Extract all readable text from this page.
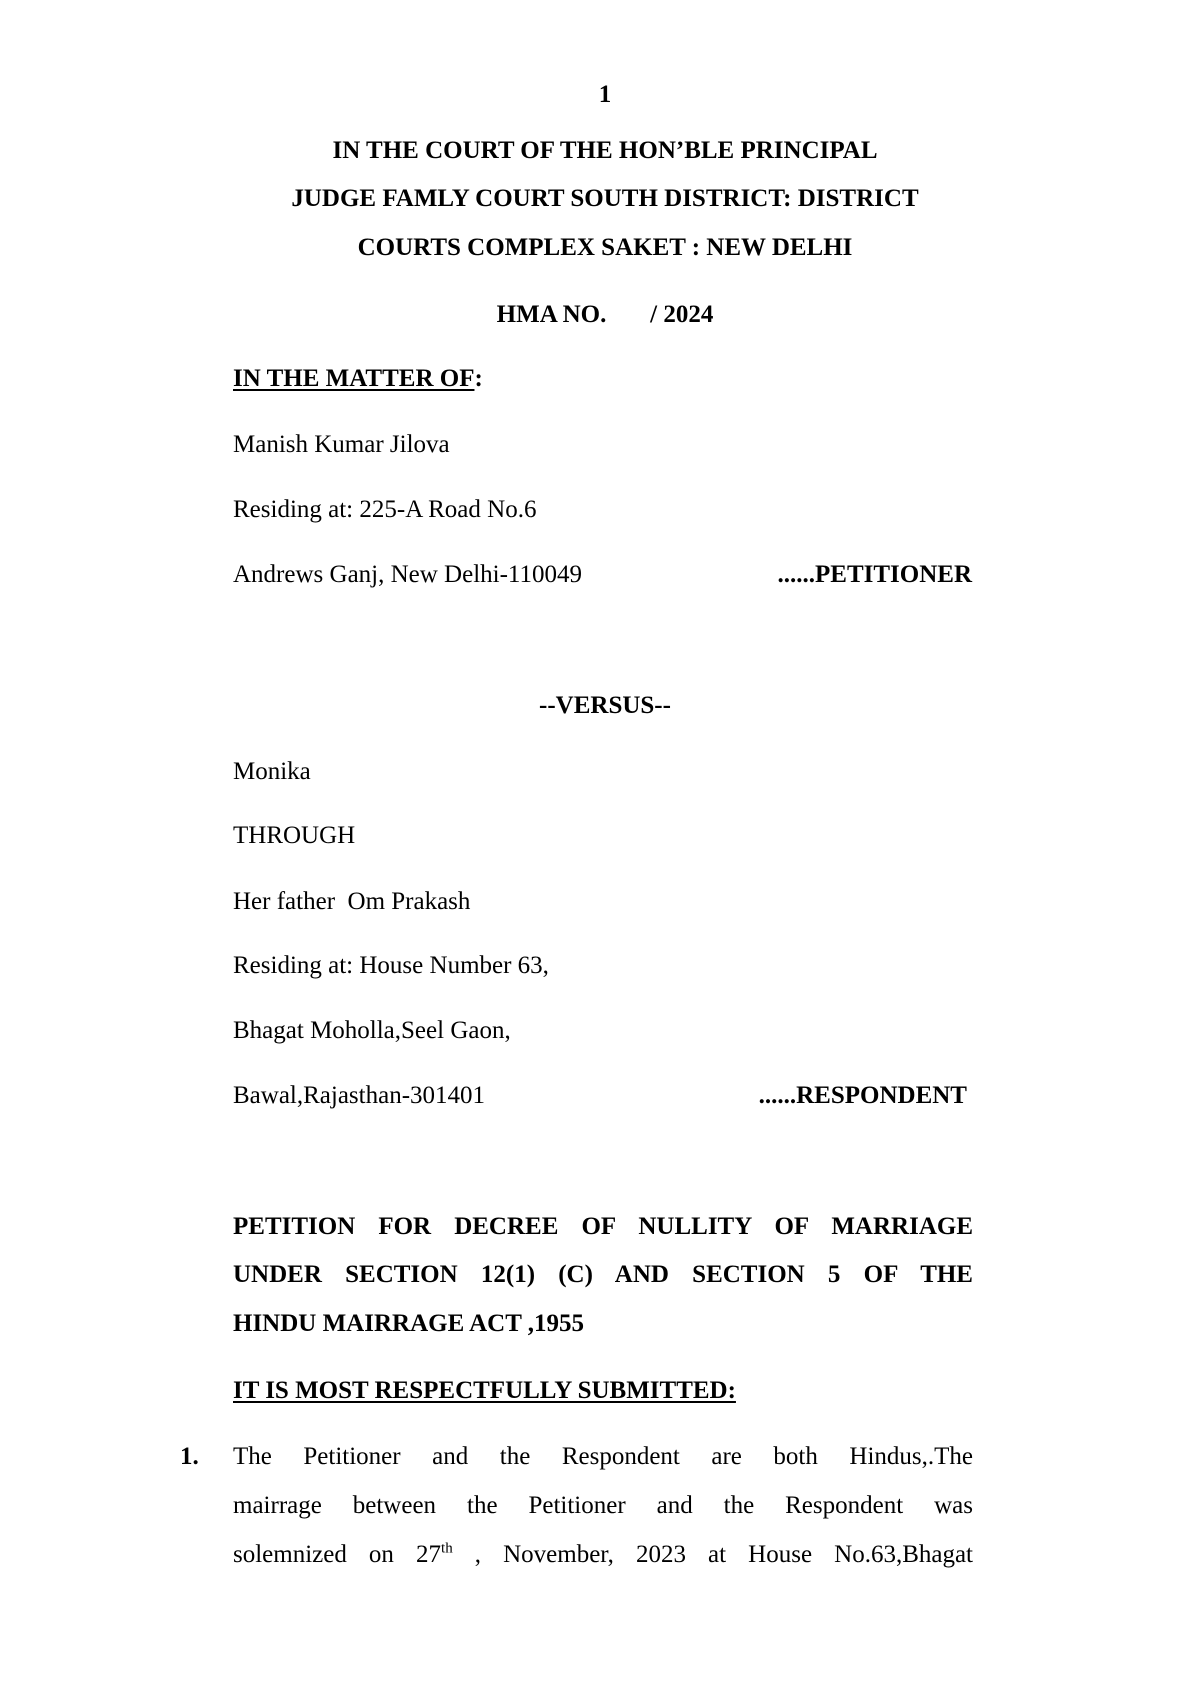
1
IN THE COURT OF THE HON’BLE PRINCIPAL
JUDGE FAMLY COURT SOUTH DISTRICT: DISTRICT
COURTS COMPLEX SAKET : NEW DELHI
HMA NO.       / 2024
IN THE MATTER OF:
Manish Kumar Jilova
Residing at: 225-A Road No.6
Andrews Ganj, New Delhi-110049	......PETITIONER
--VERSUS--
Monika
THROUGH
Her father  Om Prakash
Residing at: House Number 63,
Bhagat Moholla,Seel Gaon,
Bawal,Rajasthan-301401	......RESPONDENT
PETITION FOR DECREE OF NULLITY OF MARRIAGE
UNDER SECTION 12(1) (C) AND SECTION 5 OF THE
HINDU MAIRRAGE ACT ,1955
IT IS MOST RESPECTFULLY SUBMITTED:
1. The Petitioner and the Respondent are both Hindus,.The
mairrage between the Petitioner and the Respondent was
solemnized on 27th , November, 2023 at House No.63,Bhagat
